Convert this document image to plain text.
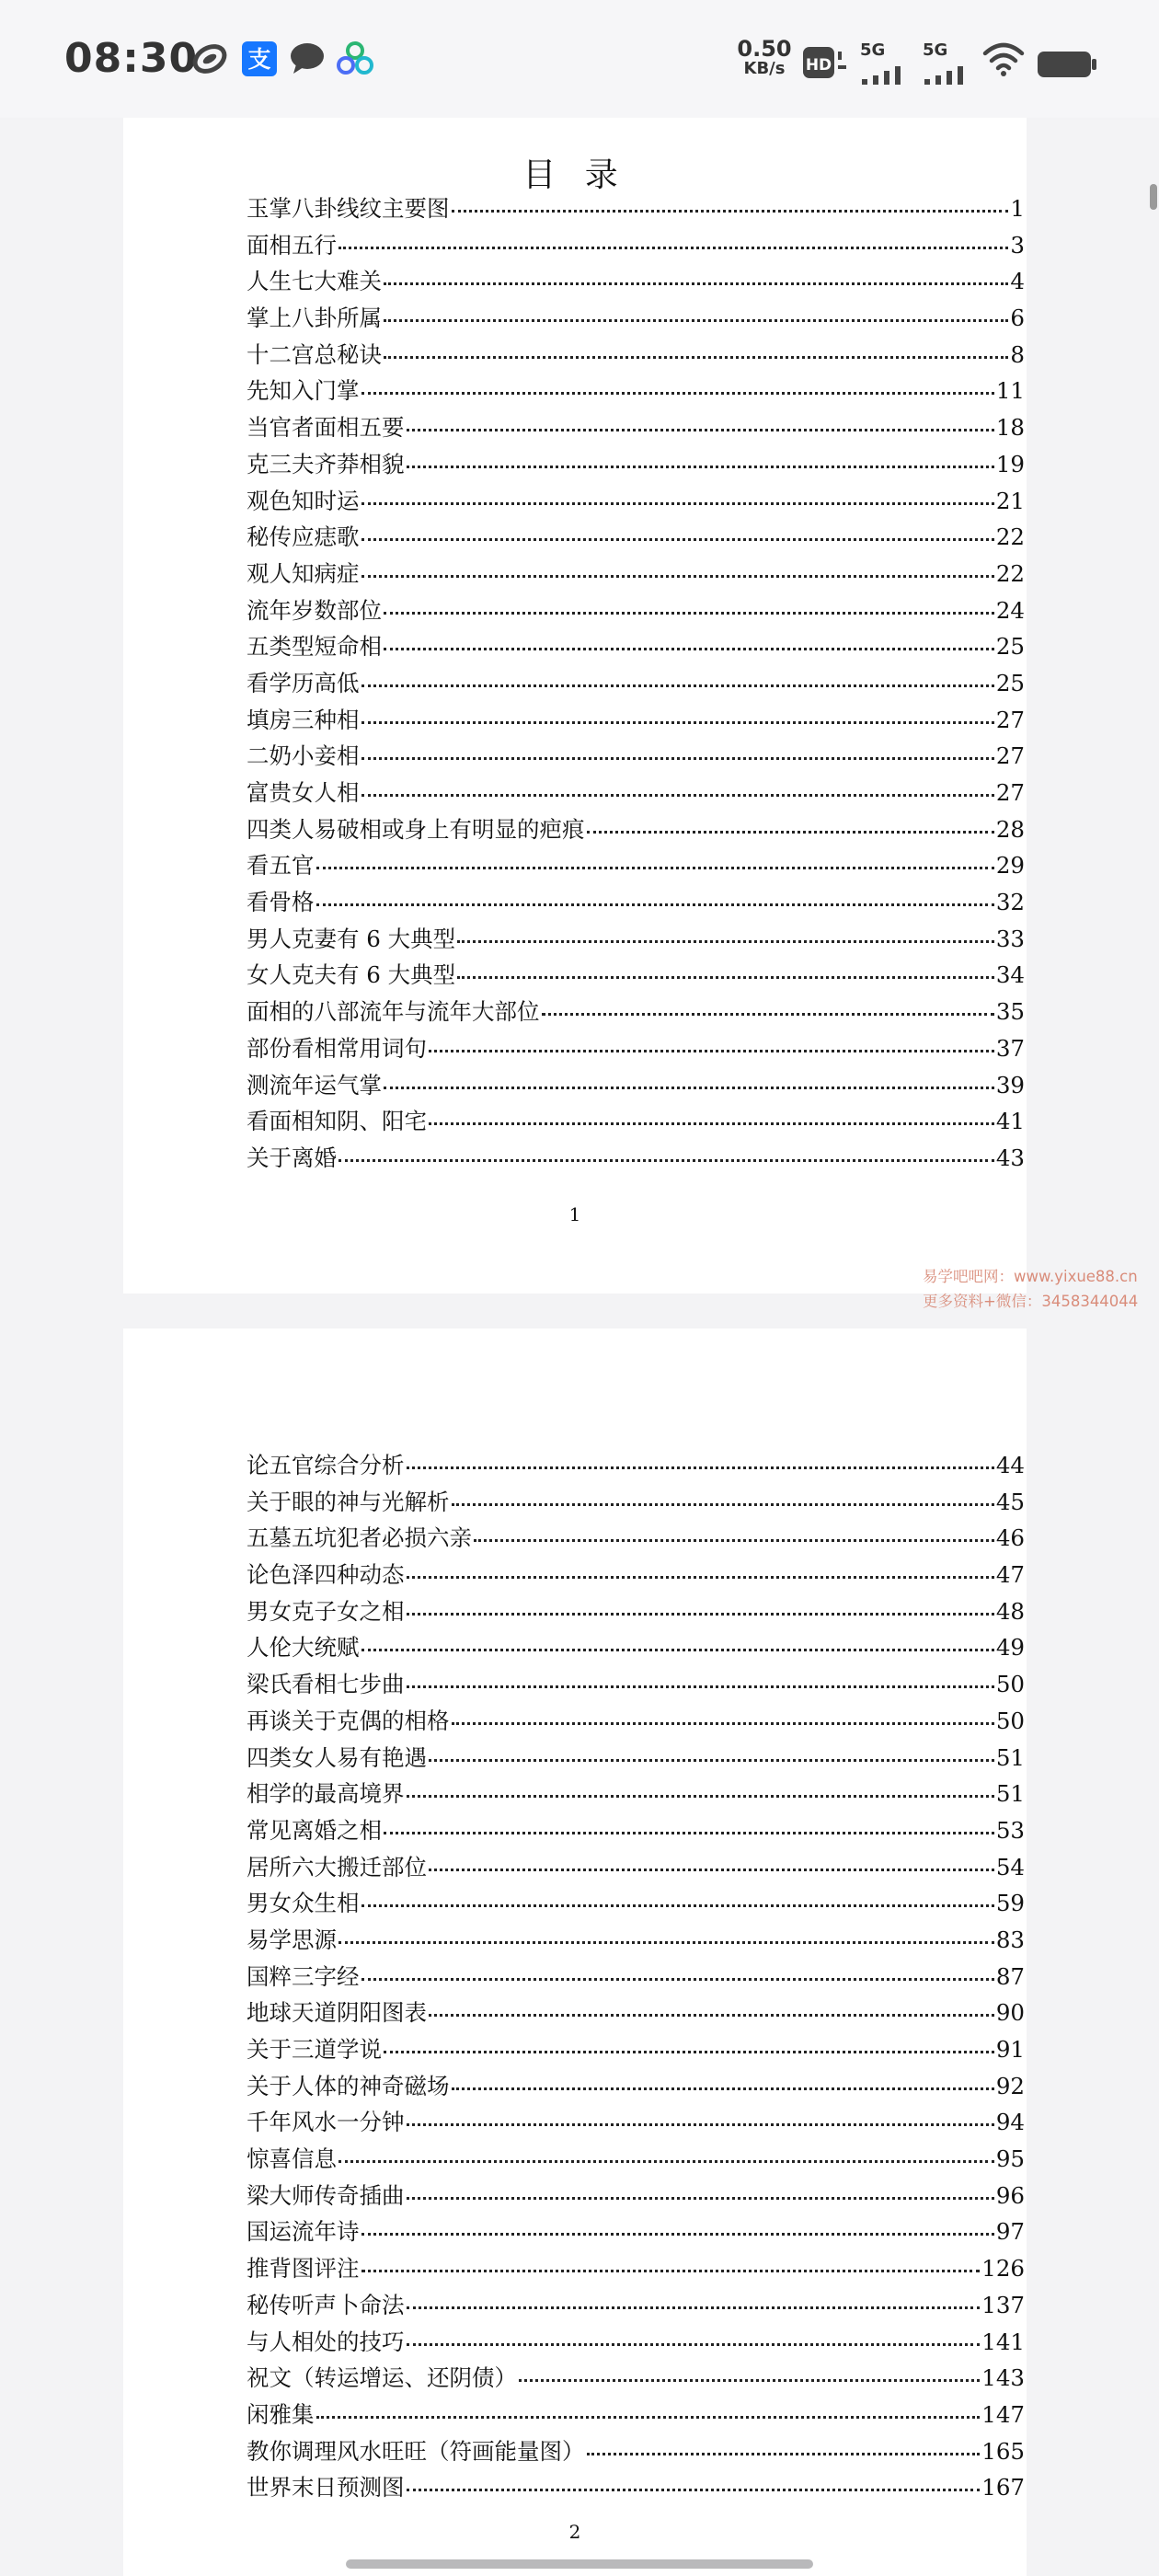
08:30 支	0.50
KB/s	HD
5G 5G
目 录
玉掌八卦线纹主要图	1
面相五行	3
人生七大难关	4
掌上八卦所属	6
十二宫总秘诀	8
先知入门掌	11
当官者面相五要	18
克三夫齐莽相貌	19
观色知时运	21
秘传应痣歌	22
观人知病症	22
流年岁数部位	24
五类型短命相	25
看学历高低	25
填房三种相	27
二奶小妾相	27
富贵女人相	27
四类人易破相或身上有明显的疤痕	28
看五官	29
看骨格	32
男人克妻有 6 大典型	33
女人克夫有 6 大典型	34
面相的八部流年与流年大部位	35
部份看相常用词句	37
测流年运气掌	39
看面相知阴、阳宅	41
关于离婚	43
1
论五官综合分析	44
关于眼的神与光解析	45
五墓五坑犯者必损六亲	46
论色泽四种动态	47
男女克子女之相	48
人伦大统赋	49
梁氏看相七步曲	50
再谈关于克偶的相格	50
四类女人易有艳遇	51
相学的最高境界	51
常见离婚之相	53
居所六大搬迁部位	54
男女众生相	59
易学思源	83
国粹三字经	87
地球天道阴阳图表	90
关于三道学说	91
关于人体的神奇磁场	92
千年风水一分钟	94
惊喜信息	95
梁大师传奇插曲	96
国运流年诗	97
推背图评注	126
秘传听声卜命法	137
与人相处的技巧	141
祝文（转运增运、还阴债）	143
闲雅集	147
教你调理风水旺旺（符画能量图）	165
世界末日预测图	167
2
易学吧吧网：www.yixue88.cn
更多资料+微信：3458344044
